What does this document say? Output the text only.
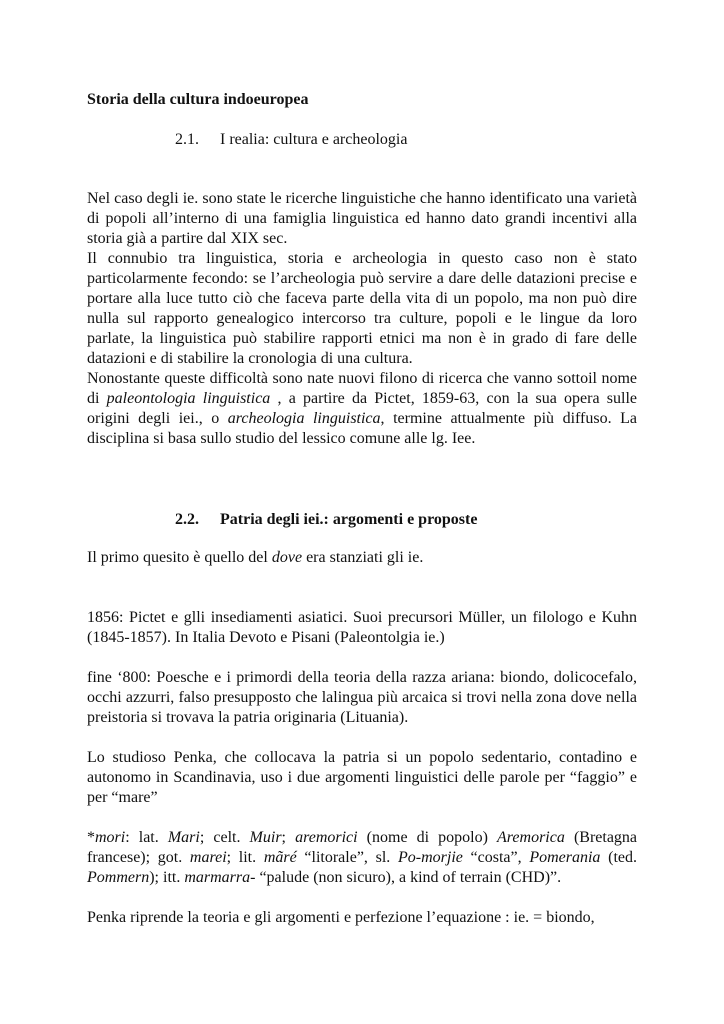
Storia della cultura indoeuropea
2.1. I realia: cultura e archeologia
Nel caso degli ie. sono state le ricerche linguistiche che hanno identificato una varietà di popoli all’interno di una famiglia linguistica ed hanno dato grandi incentivi alla storia già a partire dal XIX sec.
Il connubio tra linguistica, storia e archeologia in questo caso non è stato particolarmente fecondo: se l’archeologia può servire a dare delle datazioni precise e portare alla luce tutto ciò che faceva parte della vita di un popolo, ma non può dire nulla sul rapporto genealogico intercorso tra culture, popoli e le lingue da loro parlate, la linguistica può stabilire rapporti etnici ma non è in grado di fare delle datazioni e di stabilire la cronologia di una cultura.
Nonostante queste difficoltà sono nate nuovi filono di ricerca che vanno sottoil nome di paleontologia linguistica , a partire da Pictet, 1859-63, con la sua opera sulle origini degli iei., o archeologia linguistica, termine attualmente più diffuso. La disciplina si basa sullo studio del lessico comune alle lg. Iee.
2.2. Patria degli iei.: argomenti e proposte

Il primo quesito è quello del dove era stanziati gli ie.

1856: Pictet e glli insediamenti asiatici. Suoi precursori Müller, un filologo e Kuhn (1845-1857). In Italia Devoto e Pisani (Paleontolgia ie.)

fine ‘800: Poesche e i primordi della teoria della razza ariana: biondo, dolicocefalo, occhi azzurri, falso presupposto che lalingua più arcaica si trovi nella zona dove nella preistoria si trovava la patria originaria (Lituania).

Lo studioso Penka, che collocava la patria si un popolo sedentario, contadino e autonomo in Scandinavia, uso i due argomenti linguistici delle parole per “faggio” e per “mare”

*mori: lat. Mari; celt. Muir; aremorici (nome di popolo) Aremorica (Bretagna francese); got. marei; lit. mãré “litorale”, sl. Po-morjie “costa”, Pomerania (ted. Pommern); itt. marmarra- “palude (non sicuro), a kind of terrain (CHD)”.

Penka riprende la teoria e gli argomenti e perfezione l’equazione : ie. = biondo,
